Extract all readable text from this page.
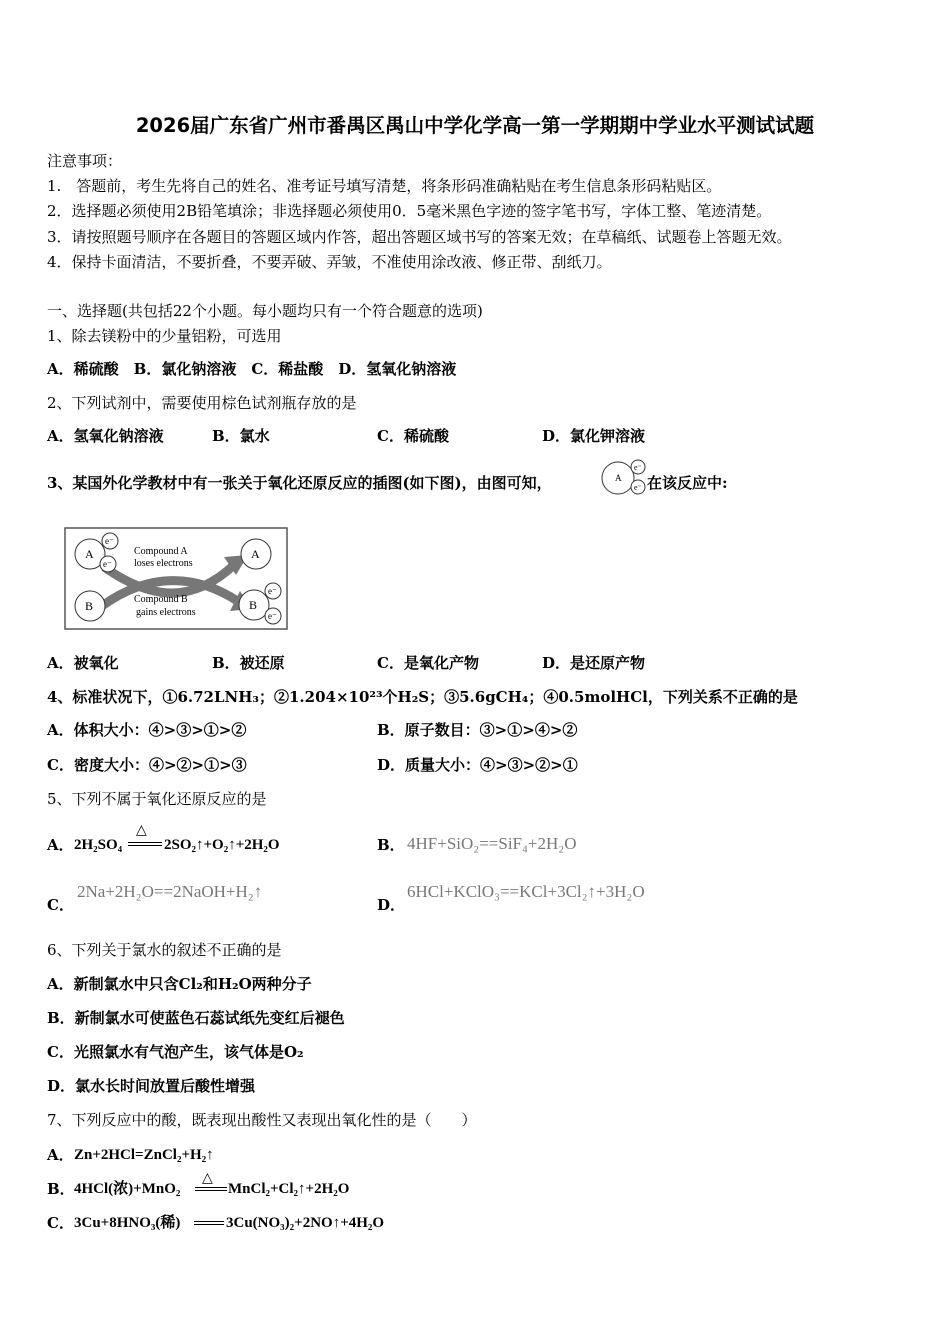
2026届广东省广州市番禺区禺山中学化学高一第一学期期中学业水平测试试题
注意事项：
1.　答题前，考生先将自己的姓名、准考证号填写清楚，将条形码准确粘贴在考生信息条形码粘贴区。
2．选择题必须使用2B铅笔填涂；非选择题必须使用0．5毫米黑色字迹的签字笔书写，字体工整、笔迹清楚。
3．请按照题号顺序在各题目的答题区域内作答，超出答题区域书写的答案无效；在草稿纸、试题卷上答题无效。
4．保持卡面清洁，不要折叠，不要弄破、弄皱，不准使用涂改液、修正带、刮纸刀。
一、选择题(共包括22个小题。每小题均只有一个符合题意的选项)
1、除去镁粉中的少量铝粉，可选用
A．稀硫酸　B．氯化钠溶液　C．稀盐酸　D．氢氧化钠溶液
2、下列试剂中，需要使用棕色试剂瓶存放的是
A．氢氧化钠溶液	B．氯水	C．稀硫酸	D．氯化钾溶液
3、某国外化学教材中有一张关于氧化还原反应的插图(如下图)，由图可知，	A
e⁻
e⁻ 在该反应中:
A
e⁻
e⁻
B
A
B
e⁻
e⁻
Compound A
loses electrons
Compound B
gains electrons
A．被氧化	B．被还原	C．是氧化产物	D．是还原产物
4、标准状况下，①6.72LNH₃；②1.204×10²³个H₂S；③5.6gCH₄；④0.5molHCl，下列关系不正确的是
A．体积大小：④>③>①>②	B．原子数目：③>①>④>②
C．密度大小：④>②>①>③	D．质量大小：④>③>②>①
5、下列不属于氧化还原反应的是
A． 2H₂SO₄
△
2SO₂↑+O₂↑+2H₂O	B． 4HF+SiO₂==SiF₄+2H₂O
C．
2Na+2H₂O==2NaOH+H₂↑
D．
6HCl+KClO₃==KCl+3Cl₂↑+3H₂O
6、下列关于氯水的叙述不正确的是
A．新制氯水中只含Cl₂和H₂O两种分子
B．新制氯水可使蓝色石蕊试纸先变红后褪色
C．光照氯水有气泡产生，该气体是O₂
D．氯水长时间放置后酸性增强
7、下列反应中的酸，既表现出酸性又表现出氧化性的是（　　）
A． Zn+2HCl=ZnCl₂+H₂↑
B． 4HCl(浓)+MnO₂
△
MnCl₂+Cl₂↑+2H₂O
C． 3Cu+8HNO₃(稀)	3Cu(NO₃)₂+2NO↑+4H₂O
